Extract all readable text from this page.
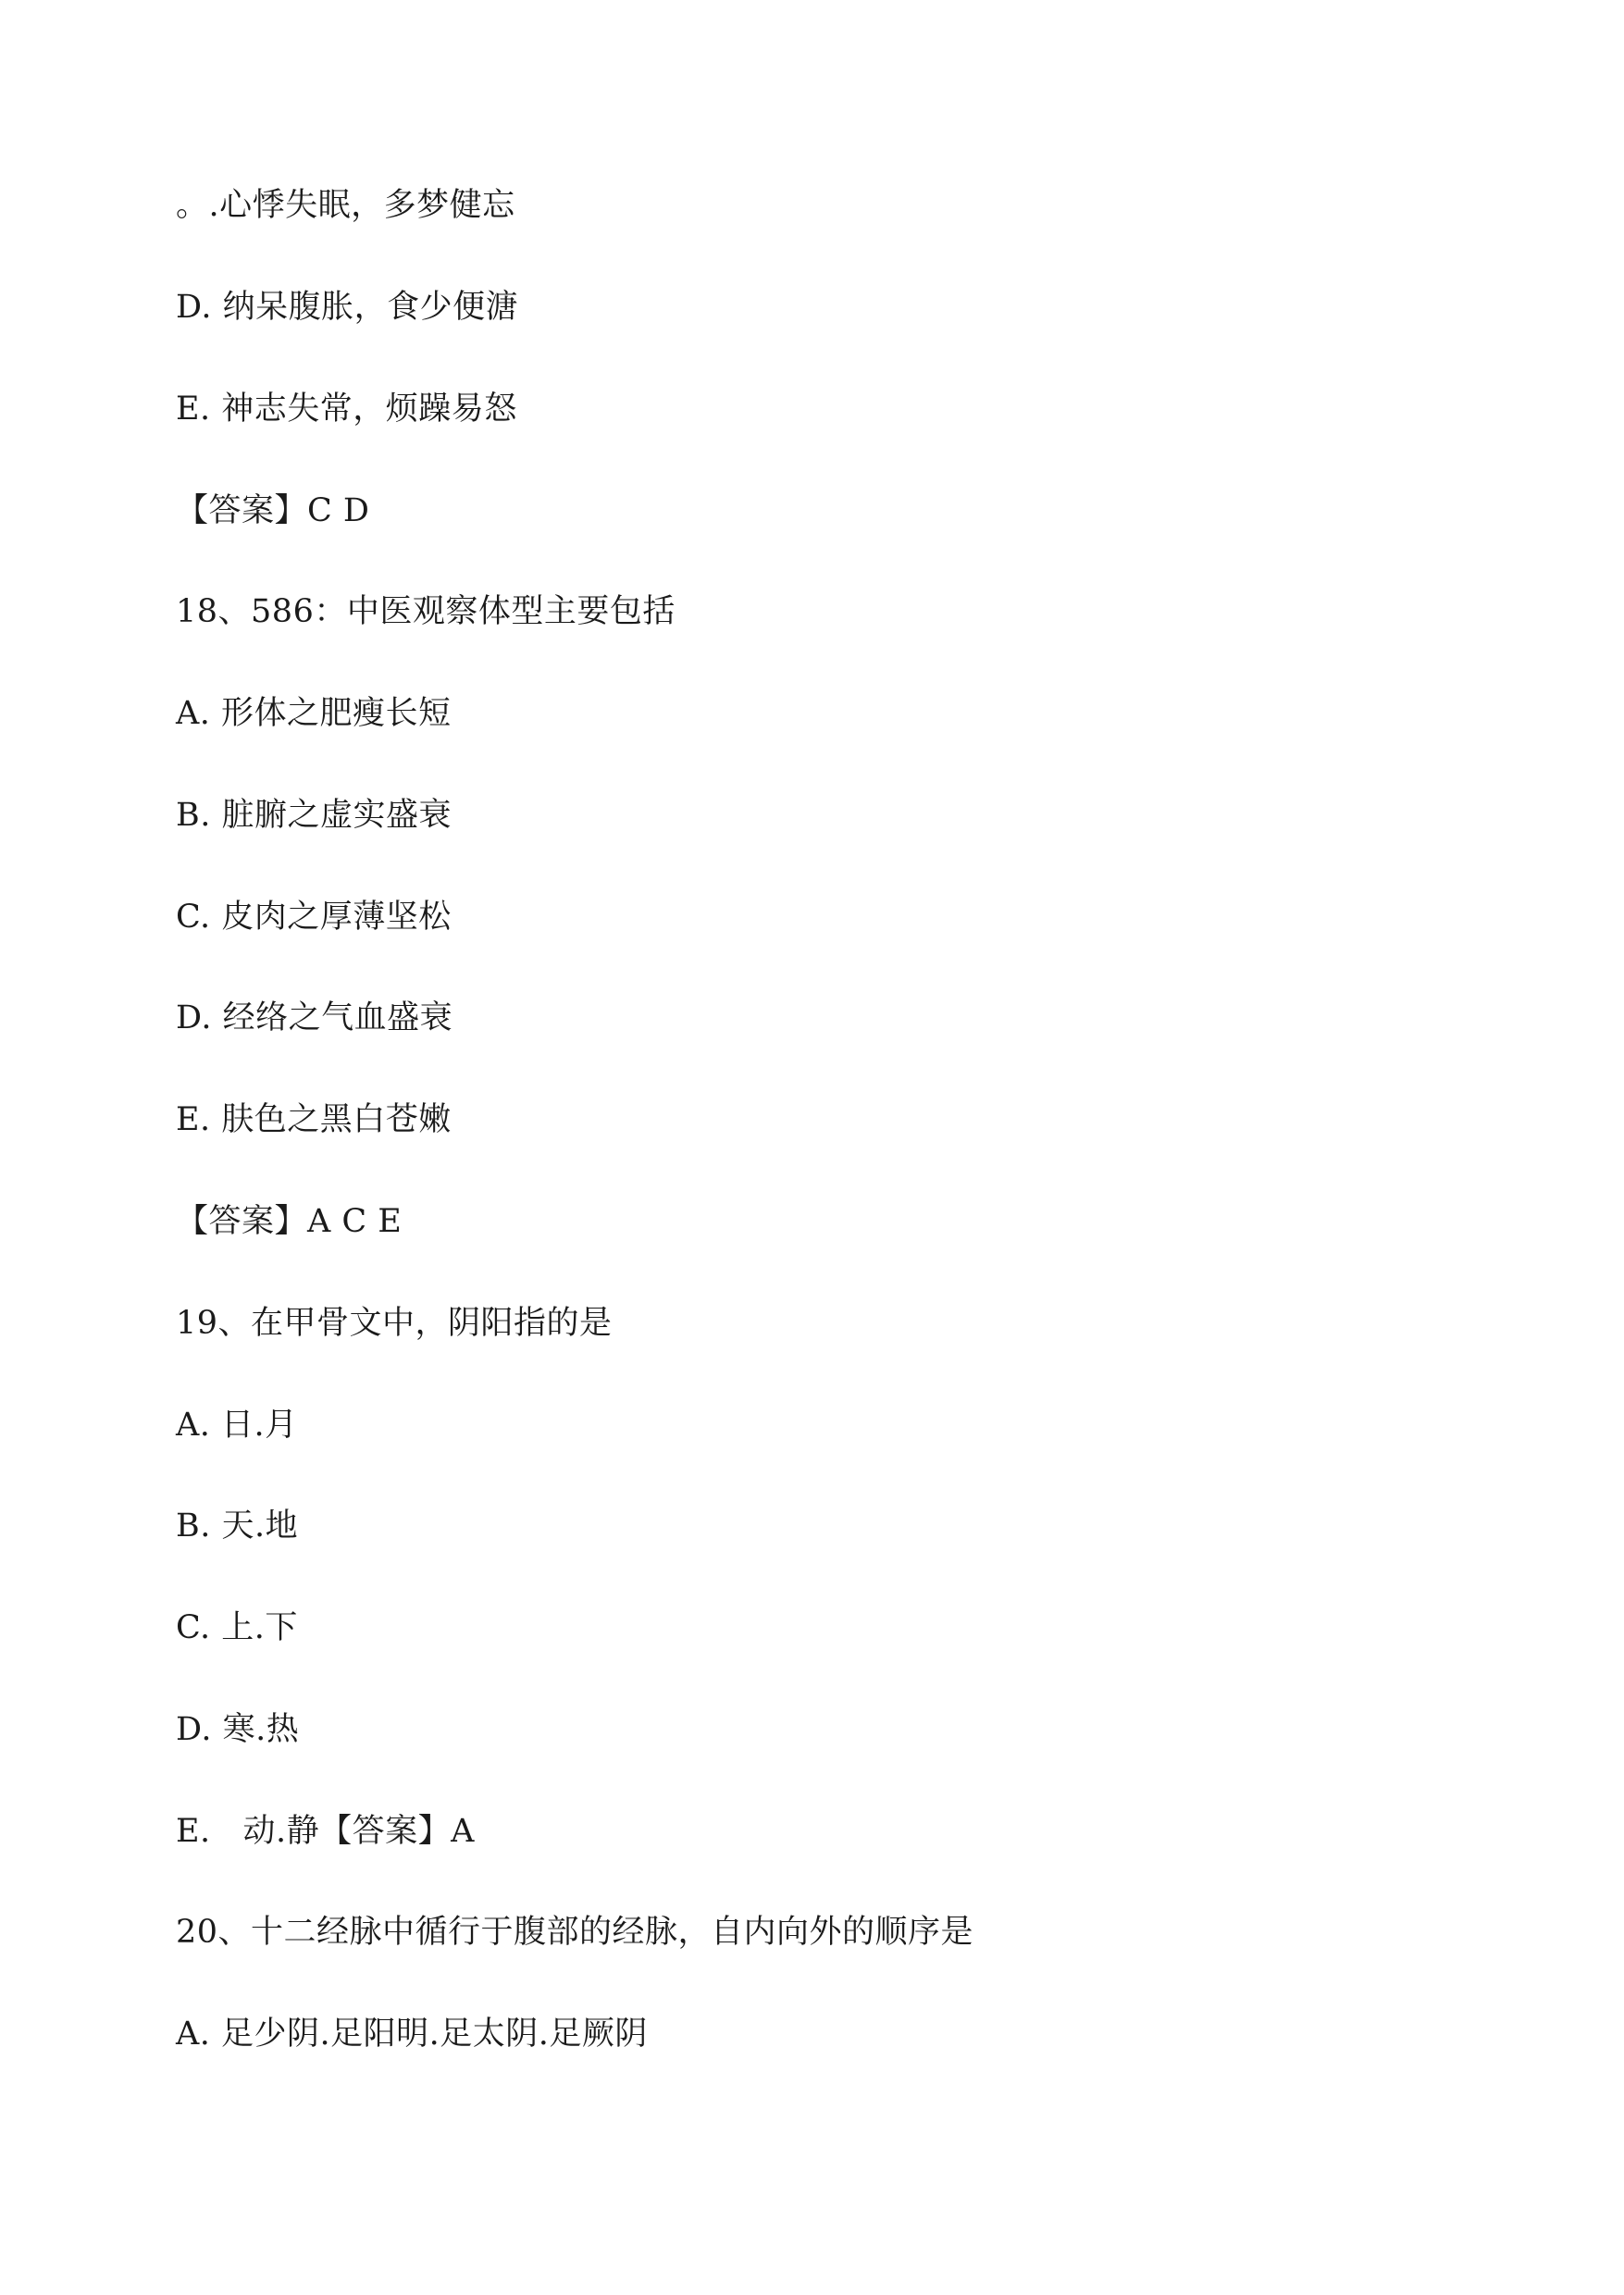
。.心悸失眠，多梦健忘

D. 纳呆腹胀，食少便溏

E. 神志失常，烦躁易怒

【答案】C D

18、586：中医观察体型主要包括

A. 形体之肥瘦长短

B. 脏腑之虚实盛衰

C. 皮肉之厚薄坚松

D. 经络之气血盛衰

E. 肤色之黑白苍嫩

【答案】A C E

19、在甲骨文中，阴阳指的是

A. 日.月

B. 天.地

C. 上.下

D. 寒.热

E.   动.静【答案】A

20、十二经脉中循行于腹部的经脉，自内向外的顺序是

A. 足少阴.足阳明.足太阴.足厥阴
